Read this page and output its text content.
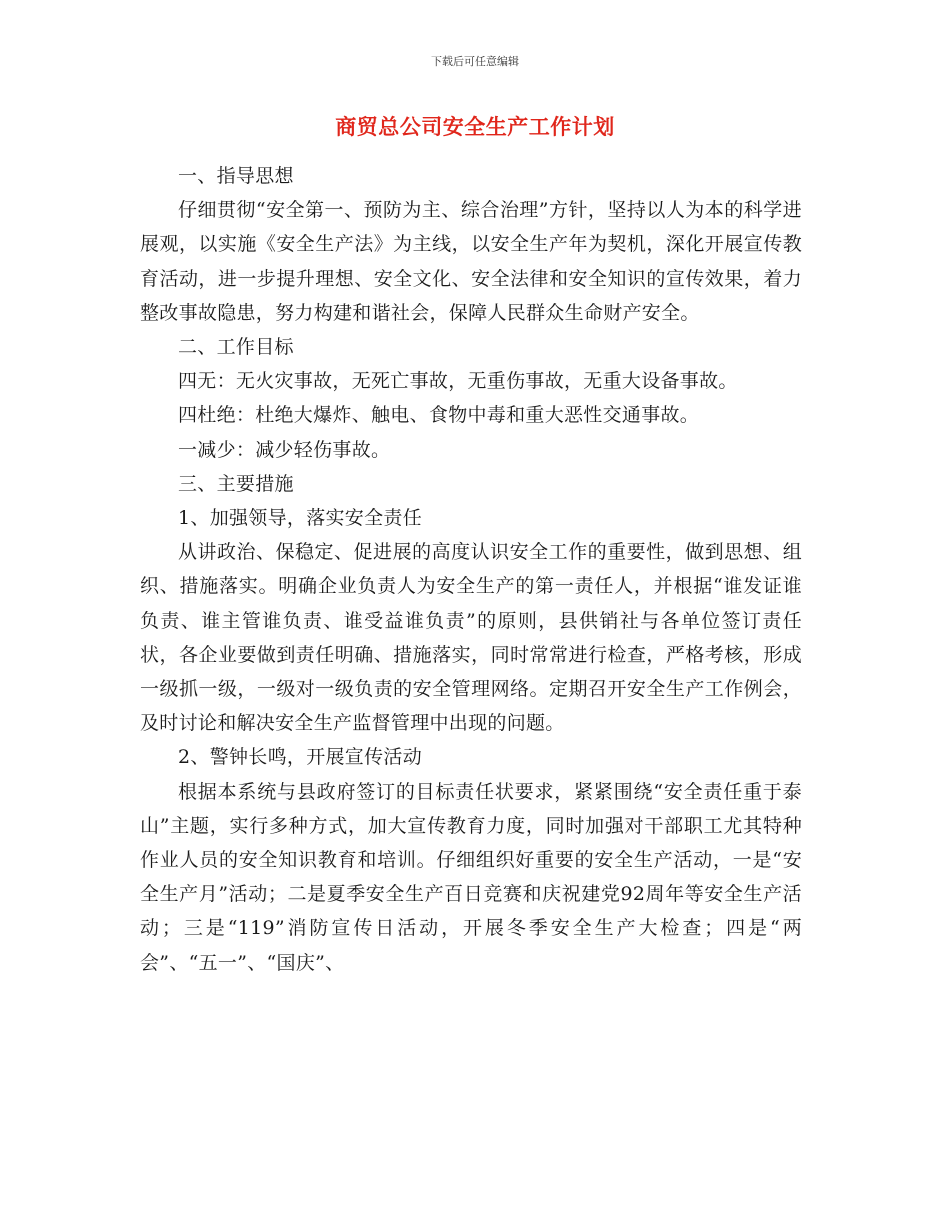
下载后可任意编辑
商贸总公司安全生产工作计划

一、指导思想

仔细贯彻“安全第一、预防为主、综合治理”方针，坚持以人为本的科学进展观，以实施《安全生产法》为主线，以安全生产年为契机，深化开展宣传教育活动，进一步提升理想、安全文化、安全法律和安全知识的宣传效果，着力整改事故隐患，努力构建和谐社会，保障人民群众生命财产安全。

二、工作目标

四无：无火灾事故，无死亡事故，无重伤事故，无重大设备事故。

四杜绝：杜绝大爆炸、触电、食物中毒和重大恶性交通事故。

一减少：减少轻伤事故。

三、主要措施

1、加强领导，落实安全责任

从讲政治、保稳定、促进展的高度认识安全工作的重要性，做到思想、组织、措施落实。明确企业负责人为安全生产的第一责任人，并根据“谁发证谁负责、谁主管谁负责、谁受益谁负责”的原则，县供销社与各单位签订责任状，各企业要做到责任明确、措施落实，同时常常进行检查，严格考核，形成一级抓一级，一级对一级负责的安全管理网络。定期召开安全生产工作例会，及时讨论和解决安全生产监督管理中出现的问题。

2、警钟长鸣，开展宣传活动

根据本系统与县政府签订的目标责任状要求，紧紧围绕“安全责任重于泰山”主题，实行多种方式，加大宣传教育力度，同时加强对干部职工尤其特种作业人员的安全知识教育和培训。仔细组织好重要的安全生产活动，一是“安全生产月”活动；二是夏季安全生产百日竞赛和庆祝建党92周年等安全生产活动；三是“119”消防宣传日活动，开展冬季安全生产大检查；四是“两会”、“五一”、“国庆”、
